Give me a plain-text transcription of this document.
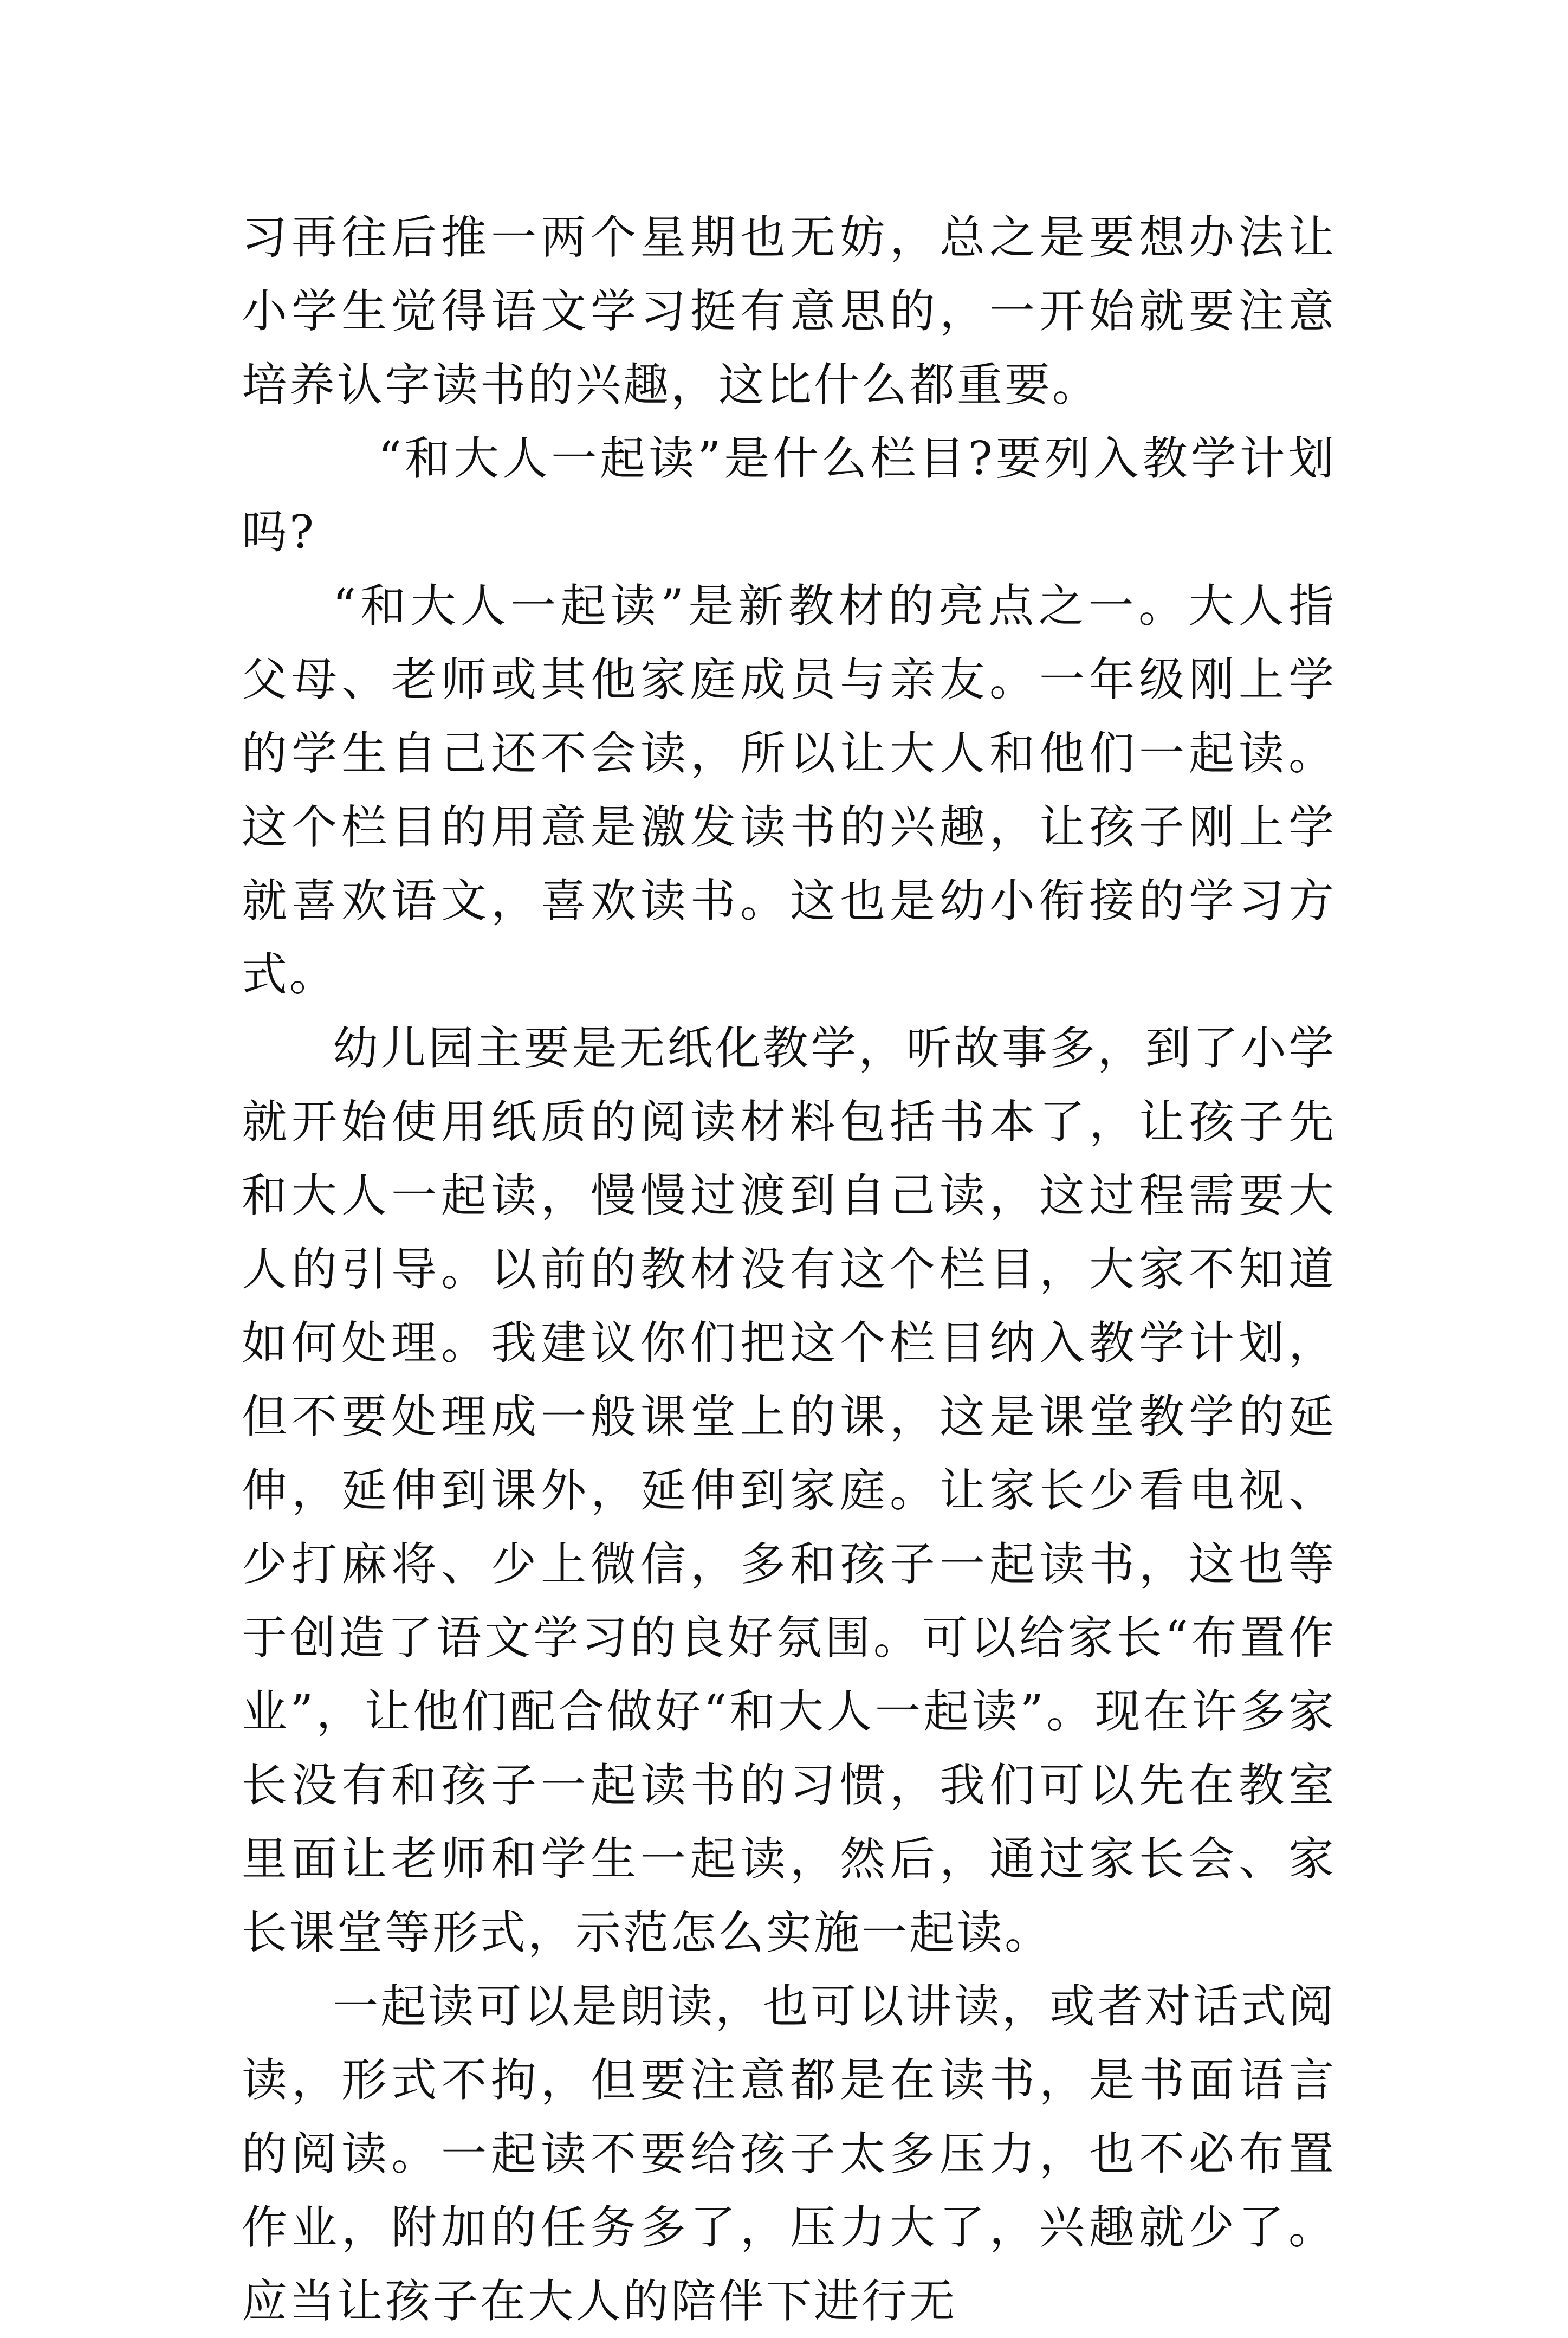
习再往后推一两个星期也无妨，总之是要想办法让小学生觉得语文学习挺有意思的，一开始就要注意培养认字读书的兴趣，这比什么都重要。

“和大人一起读”是什么栏目?要列入教学计划吗?

“和大人一起读”是新教材的亮点之一。大人指父母、老师或其他家庭成员与亲友。一年级刚上学的学生自己还不会读，所以让大人和他们一起读。这个栏目的用意是激发读书的兴趣，让孩子刚上学就喜欢语文，喜欢读书。这也是幼小衔接的学习方式。

幼儿园主要是无纸化教学，听故事多，到了小学就开始使用纸质的阅读材料包括书本了，让孩子先和大人一起读，慢慢过渡到自己读，这过程需要大人的引导。以前的教材没有这个栏目，大家不知道如何处理。我建议你们把这个栏目纳入教学计划，但不要处理成一般课堂上的课，这是课堂教学的延伸，延伸到课外，延伸到家庭。让家长少看电视、少打麻将、少上微信，多和孩子一起读书，这也等于创造了语文学习的良好氛围。可以给家长“布置作业”，让他们配合做好“和大人一起读”。现在许多家长没有和孩子一起读书的习惯，我们可以先在教室里面让老师和学生一起读，然后，通过家长会、家长课堂等形式，示范怎么实施一起读。

一起读可以是朗读，也可以讲读，或者对话式阅读，形式不拘，但要注意都是在读书，是书面语言的阅读。一起读不要给孩子太多压力，也不必布置作业，附加的任务多了，压力大了，兴趣就少了。应当让孩子在大人的陪伴下进行无
